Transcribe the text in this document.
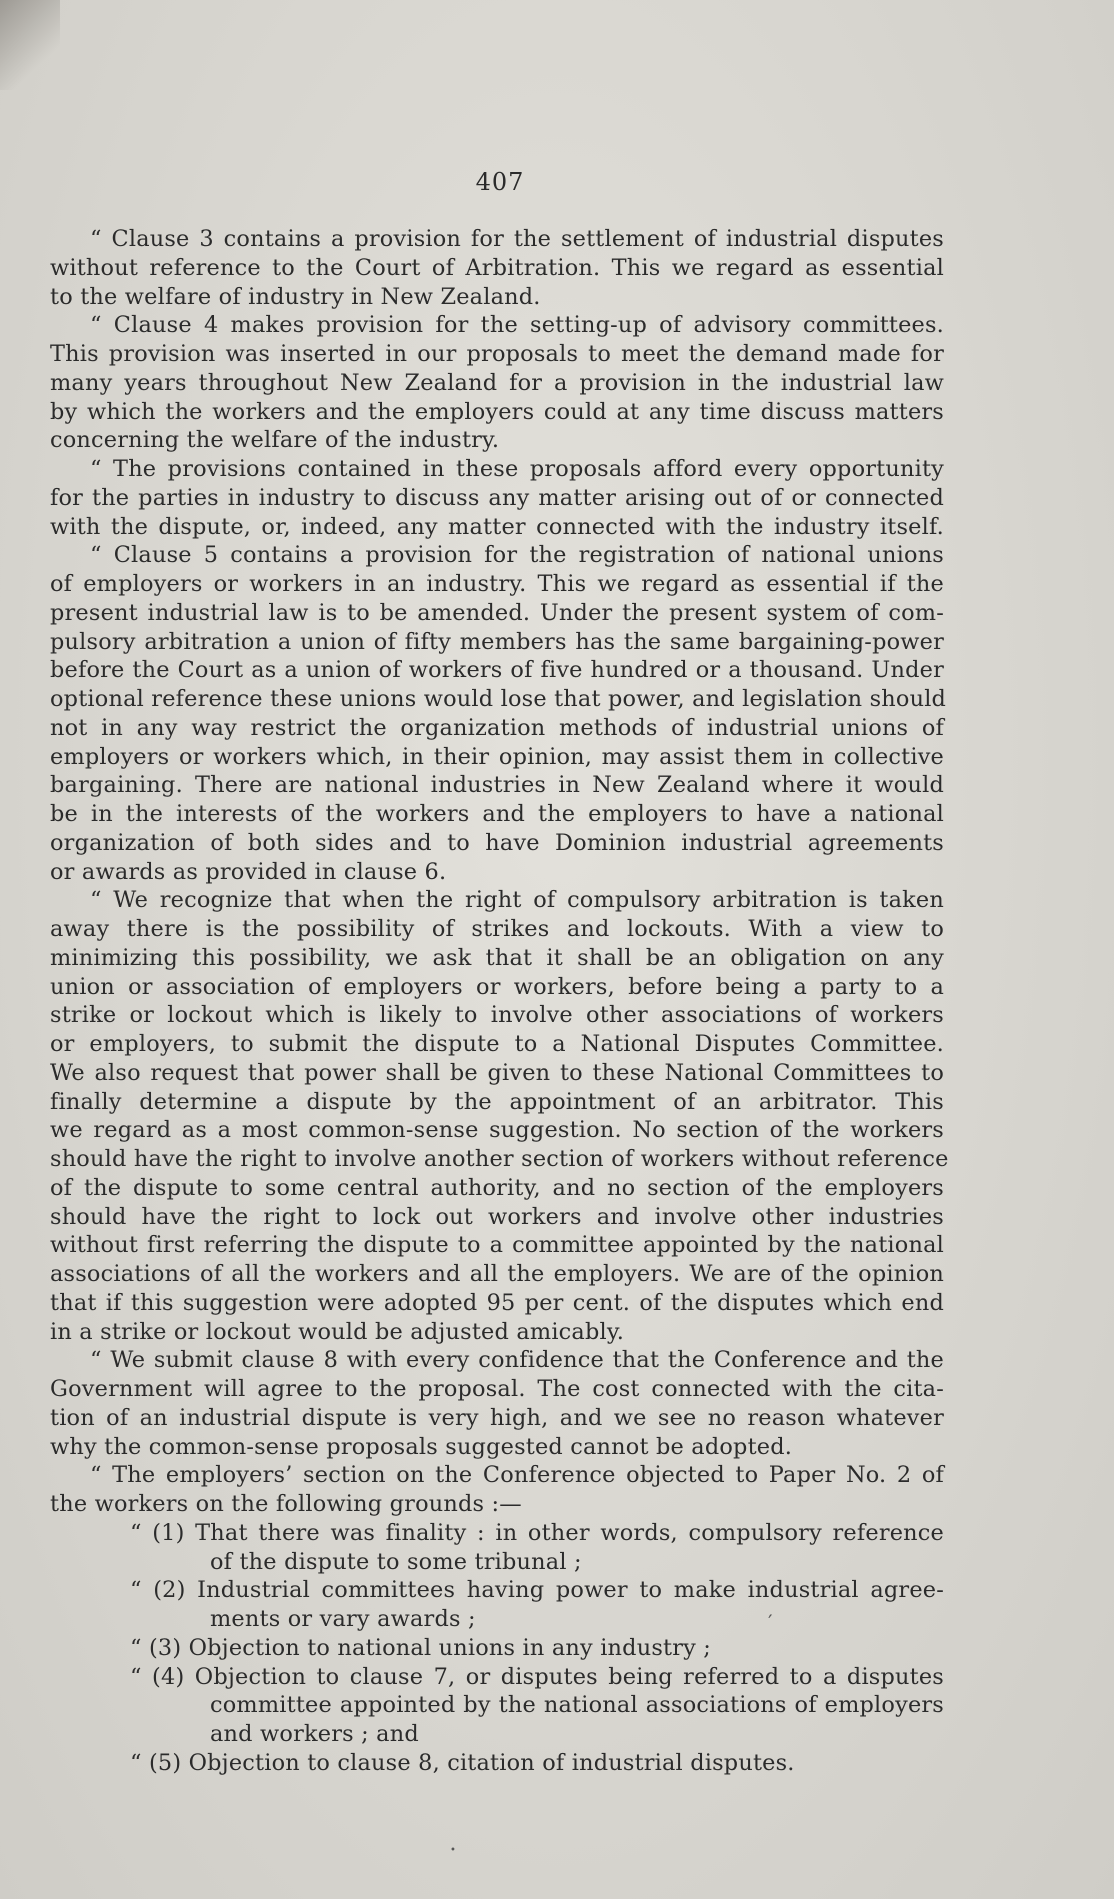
407
“ Clause 3 contains a provision for the settlement of industrial disputes
without reference to the Court of Arbitration. This we regard as essential
to the welfare of industry in New Zealand.
“ Clause 4 makes provision for the setting-up of advisory committees.
This provision was inserted in our proposals to meet the demand made for
many years throughout New Zealand for a provision in the industrial law
by which the workers and the employers could at any time discuss matters
concerning the welfare of the industry.
“ The provisions contained in these proposals afford every opportunity
for the parties in industry to discuss any matter arising out of or connected
with the dispute, or, indeed, any matter connected with the industry itself.
“ Clause 5 contains a provision for the registration of national unions
of employers or workers in an industry. This we regard as essential if the
present industrial law is to be amended. Under the present system of com-
pulsory arbitration a union of fifty members has the same bargaining-power
before the Court as a union of workers of five hundred or a thousand. Under
optional reference these unions would lose that power, and legislation should
not in any way restrict the organization methods of industrial unions of
employers or workers which, in their opinion, may assist them in collective
bargaining. There are national industries in New Zealand where it would
be in the interests of the workers and the employers to have a national
organization of both sides and to have Dominion industrial agreements
or awards as provided in clause 6.
“ We recognize that when the right of compulsory arbitration is taken
away there is the possibility of strikes and lockouts. With a view to
minimizing this possibility, we ask that it shall be an obligation on any
union or association of employers or workers, before being a party to a
strike or lockout which is likely to involve other associations of workers
or employers, to submit the dispute to a National Disputes Committee.
We also request that power shall be given to these National Committees to
finally determine a dispute by the appointment of an arbitrator. This
we regard as a most common-sense suggestion. No section of the workers
should have the right to involve another section of workers without reference
of the dispute to some central authority, and no section of the employers
should have the right to lock out workers and involve other industries
without first referring the dispute to a committee appointed by the national
associations of all the workers and all the employers. We are of the opinion
that if this suggestion were adopted 95 per cent. of the disputes which end
in a strike or lockout would be adjusted amicably.
“ We submit clause 8 with every confidence that the Conference and the
Government will agree to the proposal. The cost connected with the cita-
tion of an industrial dispute is very high, and we see no reason whatever
why the common-sense proposals suggested cannot be adopted.
“ The employers’ section on the Conference objected to Paper No. 2 of
the workers on the following grounds :—
“ (1) That there was finality : in other words, compulsory reference
of the dispute to some tribunal ;
“ (2) Industrial committees having power to make industrial agree-
ments or vary awards ;
“ (3) Objection to national unions in any industry ;
“ (4) Objection to clause 7, or disputes being referred to a disputes
committee appointed by the national associations of employers
and workers ; and
“ (5) Objection to clause 8, citation of industrial disputes.
′
•
